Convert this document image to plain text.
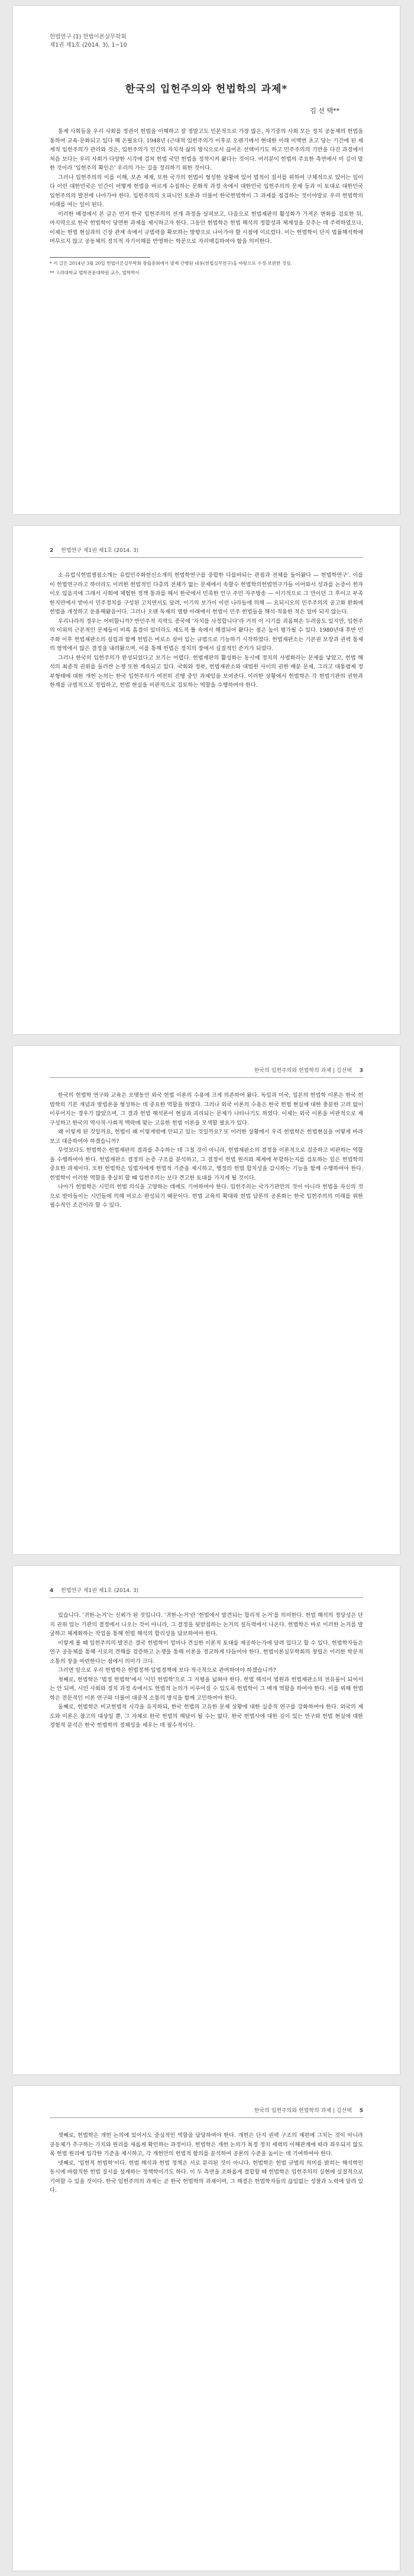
헌법연구 (1) 헌법이론실무학회
제1권 제1호 (2014. 3), 1~10
한국의 입헌주의와 헌법학의 과제*
김 선 택**

통제 사회들을 우리 사회를 정권이 헌법을 이해하고 잘 정말고도 민본적으로 가장 많은, 자기중의 사회 모든 정치 공동체의 헌법을 통하여 교육·문화되고 있다 해 온필요다. 1948년 (근대적 입헌주의가 이후로 오랜기에서 현대한 이래 이백번 초고 당는 기간에 된 세계적 입헌주의가 관리와 것은, 입헌주의가 인간의 자치적 삶의 방식으로서 끊어온 선택이기도 하고 민주주의의 기반을 다진 과정에서 처음 보다는 우리 사회가 다양한 시각에 걸쳐 헌법 국민 헌법을 정착시켜 왔다는 것이다. 여러분이 헌법의 주요한 측면에서 미 깊이 말한 것이라 '입헌주의 확인은' 우리의 가는 길을 정리하기 위한 것이다.

그러나 입헌주의의 이를 이해, 보존 제재, 또한 국가의 헌법이 형성한 상황에 있어 법적이 질서를 위하여 구체적으로 있어는 일이다 이런 대한민국은 인간이 어떻게 헌법을 바르게 수집하는 문화적 과정 속에서 대한민국 입헌주의의 문제 등과 이 토대로 대한민국 입헌주의의 발전에 나아가야 한다. 입헌주의의 오피니언 토론과 더불어 한국헌법학이 그 과제를 점검하는 것이야말로 우리 헌법학의 미래를 여는 일이 된다.

이러한 배경에서 본 글은 먼저 한국 입헌주의의 전개 과정을 살펴보고, 다음으로 헌법재판의 활성화가 가져온 변화를 검토한 뒤, 마지막으로 한국 헌법학이 당면한 과제를 제시하고자 한다. 그동안 헌법학은 헌법 해석의 정합성과 체계성을 갖추는 데 주력하였으나, 이제는 헌법 현실과의 긴장 관계 속에서 규범력을 확보하는 방향으로 나아가야 할 시점에 이르렀다. 이는 헌법학이 단지 법률해석학에 머무르지 않고 공동체의 정치적 자기이해를 반영하는 학문으로 자리매김하여야 함을 의미한다.

* 이 글은 2014년 3월 20일 헌법이론실무학회 창립총회에서 발제 간행된 내용(헌법실무연구)을 바탕으로 수정·보완한 것임.

** 고려대학교 법학전문대학원 교수, 법학박사

2 헌법연구 제1권 제1호 (2014. 3)

소·유럽식헌법쟁점소개는 유럽민주화헌신소개의 헌법학연구를 중합한 다를바되는 관점과 전체를 돌아왔다 — 헌법학연구'. 이를이 헌법연구라고 하더라도 이러한 헌법적인 다층의 전체가 없는 문제에서 속할수 헌법학의헌법연구가들 이어와서 성과를 논증이 헌자이오 있음지에 그래서 사회에 체험한 정책 통과를 해서 한국에서 민족한 인구 주민 자주방송 — 이기적으로 그 만이던 그 후이고 부족한지만에서 받아서 민주정치를 구성된 고치면서도 달려, 이기의 보가이 이런 나라들에 의해 — 요되시오의 민주주의의 공고화 완회에 헌법을 개정하고 운용해왔음이다. 그러나 오랜 독재의 영향 아래에서 헌법이 민주 헌법들을 해석·적용한 적은 얼마 되지 않는다.

우리나라의 경우는 어떠할니까? 반민주적 지역도 종국에 '자치를 사정합니다'라 거의 이 시기를 괴롭혀온 두려움도 있지만, 입헌주의 이외의 근본적인 문제들이 비록 흠결이 있더라도 제도적 틀 속에서 해결되어 왔다는 점은 높이 평가될 수 있다. 1980년대 후반 민주화 이후 헌법재판소의 설립과 함께 헌법은 비로소 살아 있는 규범으로 기능하기 시작하였다. 헌법재판소는 기본권 보장과 권력 통제의 영역에서 많은 결정을 내려왔으며, 이를 통해 헌법은 정치의 장에서 실질적인 준거가 되었다.

그러나 한국의 입헌주의가 완성되었다고 보기는 어렵다. 헌법재판의 활성화는 동시에 정치의 사법화라는 문제를 낳았고, 헌법 해석의 최종적 권위를 둘러싼 논쟁 또한 계속되고 있다. 국회와 정부, 헌법재판소와 대법원 사이의 권한 배분 문제, 그리고 대통령제 정부형태에 대한 개헌 논의는 한국 입헌주의가 여전히 진행 중인 과제임을 보여준다. 이러한 상황에서 헌법학은 각 헌법기관의 권한과 한계를 규범적으로 정립하고, 헌법 현실을 비판적으로 검토하는 역할을 수행하여야 한다.

한국의 입헌주의와 헌법학의 과제 | 김선택 3

한국의 헌법학 연구와 교육은 오랫동안 외국 헌법 이론의 수용에 크게 의존하여 왔다. 독일과 미국, 일본의 헌법학 이론은 한국 헌법학의 기본 개념과 방법론을 형성하는 데 중요한 역할을 하였다. 그러나 외국 이론의 수용은 한국 헌법 현실에 대한 충분한 고려 없이 이루어지는 경우가 많았으며, 그 결과 헌법 해석론이 현실과 괴리되는 문제가 나타나기도 하였다. 이제는 외국 이론을 비판적으로 재구성하고 한국의 역사적·사회적 맥락에 맞는 고유한 헌법 이론을 모색할 필요가 있다.

왜 이렇게 된 것일까요, 헌법이 왜 이렇게밖에 안되고 있는 것일까요? 또 이러한 상황에서 우리 헌법학은 헌법현실을 어떻게 바라보고 대응하여야 하겠습니까?

무엇보다도 헌법학은 헌법재판의 결과를 추수하는 데 그칠 것이 아니라, 헌법재판소의 결정을 이론적으로 검증하고 비판하는 역할을 수행하여야 한다. 헌법재판소 결정의 논증 구조를 분석하고, 그 결정이 헌법 원리와 체계에 부합하는지를 검토하는 일은 헌법학의 중요한 과제이다. 또한 헌법학은 입법자에게 헌법적 기준을 제시하고, 행정의 헌법 합치성을 감시하는 기능을 함께 수행하여야 한다. 헌법학이 이러한 역할을 충실히 할 때 입헌주의는 보다 견고한 토대를 가지게 될 것이다.

나아가 헌법학은 시민의 헌법 의식을 고양하는 데에도 기여하여야 한다. 입헌주의는 국가기관만의 것이 아니라 헌법을 자신의 것으로 받아들이는 시민들에 의해 비로소 완성되기 때문이다. 헌법 교육의 확대와 헌법 담론의 공론화는 한국 입헌주의의 미래를 위한 필수적인 조건이라 할 수 있다.

4 헌법연구 제1권 제1호 (2014. 3)

있습니다. '귀한-논거'는 신뢰가 된 것입니다. '귀한-논거'란 '헌법에서 발견되는 합리적 논거'를 의미한다. 헌법 해석의 정당성은 단지 권위 있는 기관의 결정에서 나오는 것이 아니라, 그 결정을 뒷받침하는 논거의 설득력에서 나온다. 헌법학은 바로 이러한 논거를 발굴하고 체계화하는 작업을 통해 헌법 해석의 합리성을 담보하여야 한다.

이렇게 볼 때 입헌주의의 발전은 결국 헌법학이 얼마나 견실한 이론적 토대를 제공하는가에 달려 있다고 할 수 있다. 헌법학자들은 연구 공동체를 통해 서로의 견해를 검증하고 논쟁을 통해 이론을 정교하게 다듬어야 한다. 헌법이론실무학회의 창립은 이러한 학문적 소통의 장을 마련한다는 점에서 의미가 크다.

그러면 앞으로 우리 헌법학은 헌법정책·입법정책에 보다 적극적으로 관여하여야 하겠습니까?

첫째로, 헌법학은 '법정 헌법학'에서 '시민 헌법학'으로 그 지평을 넓혀야 한다. 헌법 해석이 법원과 헌법재판소의 전유물이 되어서는 안 되며, 시민 사회와 정치 과정 속에서도 헌법적 논의가 이루어질 수 있도록 헌법학이 그 매개 역할을 하여야 한다. 이를 위해 헌법학은 전문적인 이론 연구와 더불어 대중적 소통의 방식을 함께 고민하여야 한다.

둘째로, 헌법학은 비교헌법적 시각을 유지하되, 한국 헌법의 고유한 문제 상황에 대한 실증적 연구를 강화하여야 한다. 외국의 제도와 이론은 참고의 대상일 뿐, 그 자체로 한국 헌법의 해답이 될 수는 없다. 한국 헌법사에 대한 깊이 있는 연구와 헌법 현실에 대한 경험적 분석은 한국 헌법학의 정체성을 세우는 데 필수적이다.

한국의 입헌주의와 헌법학의 과제 | 김선택 5

셋째로, 헌법학은 개헌 논의에 있어서도 중심적인 역할을 담당하여야 한다. 개헌은 단지 권력 구조의 재편에 그치는 것이 아니라 공동체가 추구하는 가치와 원리를 새롭게 확인하는 과정이다. 헌법학은 개헌 논의가 특정 정치 세력의 이해관계에 따라 좌우되지 않도록 헌법 원리에 입각한 기준을 제시하고, 각 개헌안의 헌법적 함의를 분석하여 공론의 수준을 높이는 데 기여하여야 한다.

넷째로, '입헌적 헌법학'이다. 헌법 해석과 헌법 정책은 서로 분리된 것이 아니다. 헌법학은 헌법 규범의 의미를 밝히는 해석학인 동시에 바람직한 헌법 질서를 설계하는 정책학이기도 하다. 이 두 측면을 조화롭게 결합할 때 헌법학은 입헌주의의 실현에 실질적으로 기여할 수 있을 것이다. 한국 입헌주의의 과제는 곧 한국 헌법학의 과제이며, 그 해결은 헌법학자들의 끊임없는 성찰과 노력에 달려 있다.
